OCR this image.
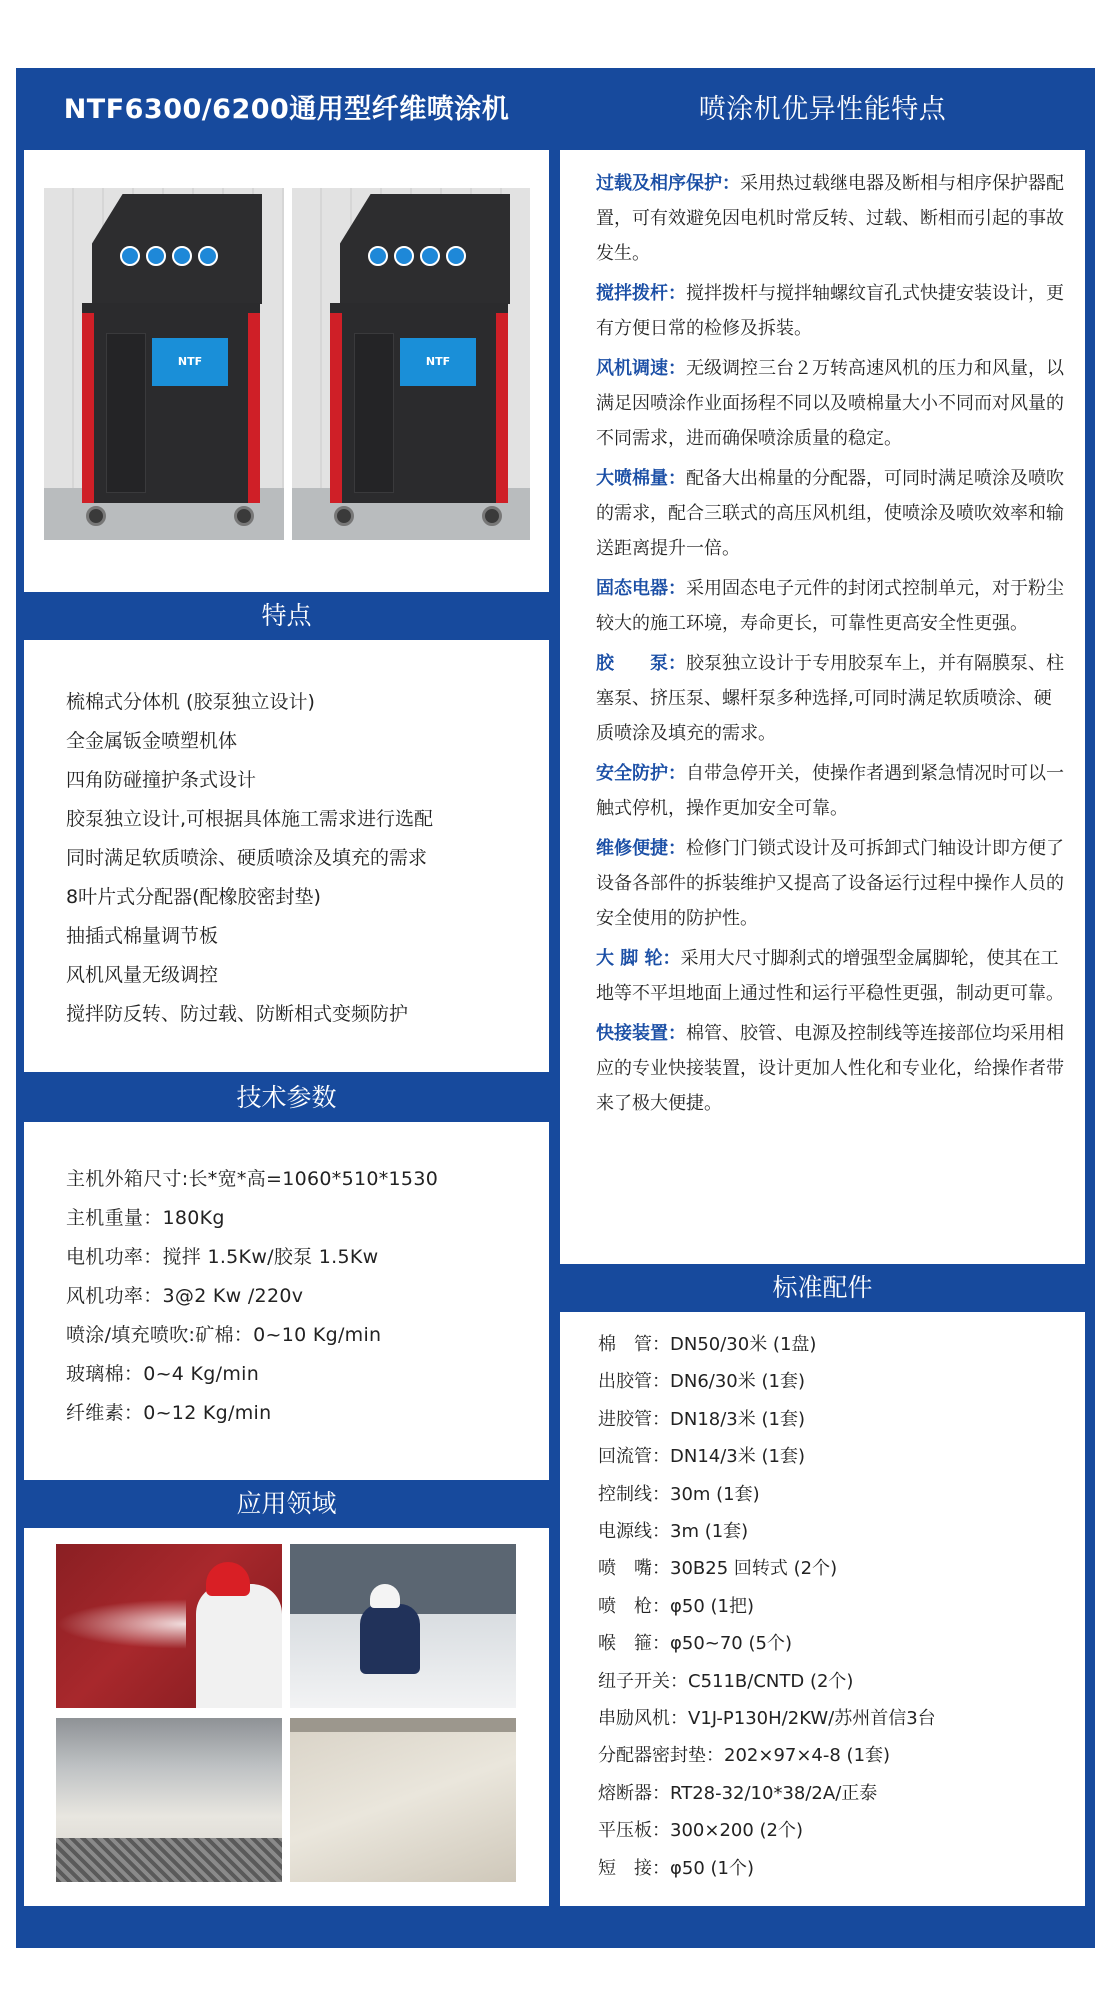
NTF6300/6200通用型纤维喷涂机	喷涂机优异性能特点
NTF	NTF
特点
梳棉式分体机 (胶泵独立设计)
全金属钣金喷塑机体
四角防碰撞护条式设计
胶泵独立设计,可根据具体施工需求进行选配
同时满足软质喷涂、硬质喷涂及填充的需求
8叶片式分配器(配橡胶密封垫)
抽插式棉量调节板
风机风量无级调控
搅拌防反转、防过载、防断相式变频防护
技术参数
主机外箱尺寸:长*宽*高=1060*510*1530
主机重量：180Kg
电机功率：搅拌 1.5Kw/胶泵 1.5Kw
风机功率：3@2 Kw /220v
喷涂/填充喷吹:矿棉：0~10 Kg/min
玻璃棉：0~4 Kg/min
纤维素：0~12 Kg/min
应用领域
过载及相序保护：采用热过载继电器及断相与相序保护器配置，可有效避免因电机时常反转、过载、断相而引起的事故发生。
搅拌拨杆：搅拌拨杆与搅拌轴螺纹盲孔式快捷安装设计，更有方便日常的检修及拆装。
风机调速：无级调控三台２万转高速风机的压力和风量，以满足因喷涂作业面扬程不同以及喷棉量大小不同而对风量的不同需求，进而确保喷涂质量的稳定。
大喷棉量：配备大出棉量的分配器，可同时满足喷涂及喷吹的需求，配合三联式的高压风机组，使喷涂及喷吹效率和输送距离提升一倍。
固态电器：采用固态电子元件的封闭式控制单元，对于粉尘较大的施工环境，寿命更长，可靠性更高安全性更强。
胶　　泵：胶泵独立设计于专用胶泵车上，并有隔膜泵、柱塞泵、挤压泵、螺杆泵多种选择,可同时满足软质喷涂、硬质喷涂及填充的需求。
安全防护：自带急停开关，使操作者遇到紧急情况时可以一触式停机，操作更加安全可靠。
维修便捷：检修门门锁式设计及可拆卸式门轴设计即方便了设备各部件的拆装维护又提高了设备运行过程中操作人员的安全使用的防护性。
大 脚 轮：采用大尺寸脚刹式的增强型金属脚轮，使其在工地等不平坦地面上通过性和运行平稳性更强，制动更可靠。
快接装置：棉管、胶管、电源及控制线等连接部位均采用相应的专业快接装置，设计更加人性化和专业化，给操作者带来了极大便捷。
标准配件
棉　管：DN50/30米 (1盘)
出胶管：DN6/30米 (1套)
进胶管：DN18/3米 (1套)
回流管：DN14/3米 (1套)
控制线：30m (1套)
电源线：3m (1套)
喷　嘴：30B25 回转式 (2个)
喷　枪：φ50 (1把)
喉　箍：φ50~70 (5个)
纽子开关：C511B/CNTD (2个)
串励风机：V1J-P130H/2KW/苏州首信3台
分配器密封垫：202×97×4-8 (1套)
熔断器：RT28-32/10*38/2A/正泰
平压板：300×200 (2个)
短　接：φ50 (1个)
